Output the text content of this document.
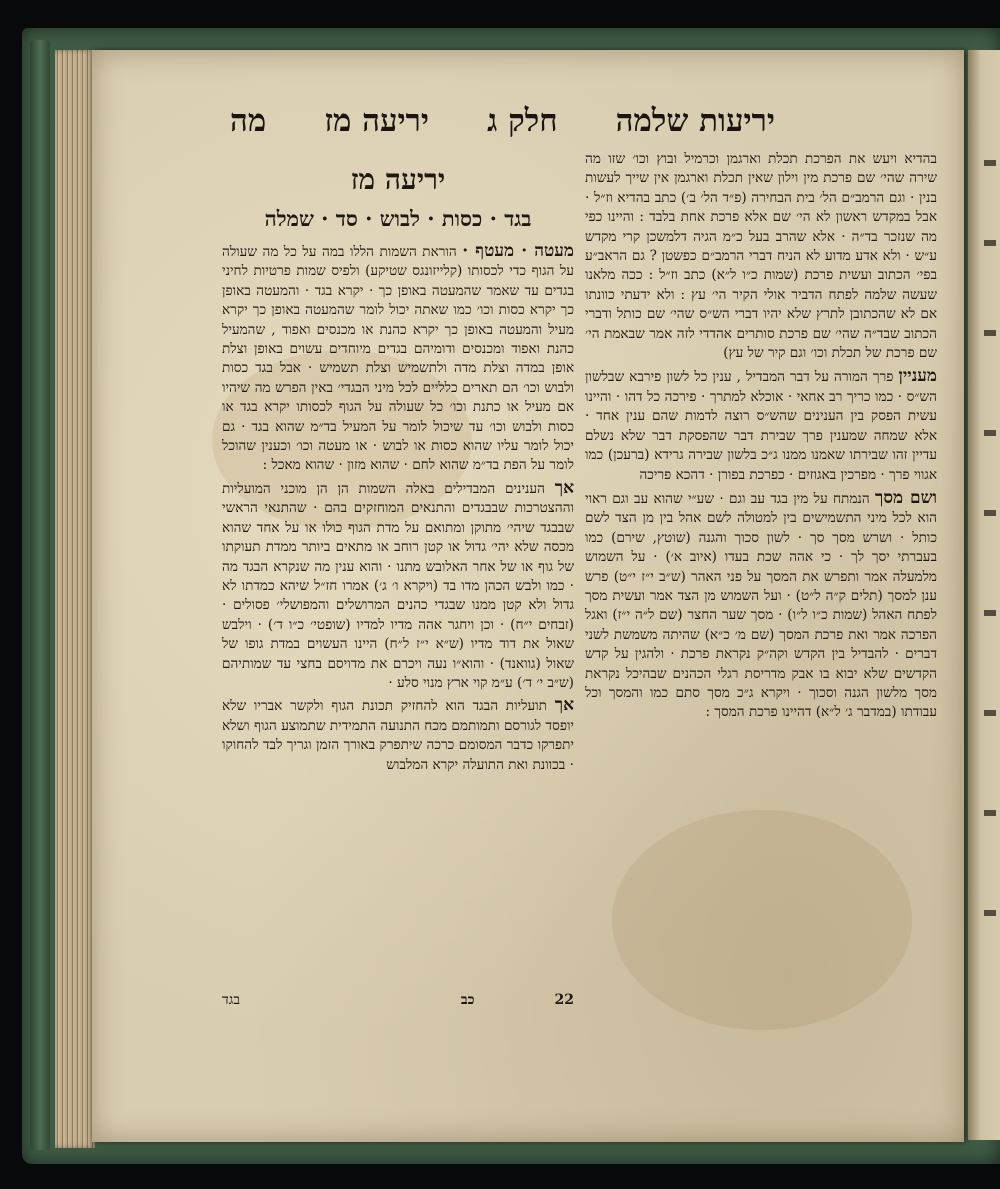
יריעות שלמה
חלק ג
יריעה מז
מה

בהדיא ויעש את הפרכת תכלת וארגמן וכרמיל ובוץ וכו׳ שזו מה שירה שהי׳ שם פרכת מין וילון שאין תכלת וארגמן אין שייך לעשות בנין · וגם הרמב״ם הל׳ בית הבחירה (פ״ד הל׳ ב׳) כתב בהדיא וז״ל · אבל במקדש ראשון לא הי׳ שם אלא פרכת אחת בלבד : והיינו כפי מה שנזכר בד״ה · אלא שהרב בעל כ״מ הגיה דלמשכן קרי מקדש ע״ש · ולא אדע מדוע לא הניח דברי הרמב״ם כפשטן ? גם הראב״ע בפי׳ הכתוב ועשית פרכת (שמות כ״ו ל״א) כתב וז״ל : ככה מלאנו שעשה שלמה לפתח הדביר אולי הקיר הי׳ עץ : ולא ידעתי כוונתו אם לא שהכתובן לתרץ שלא יהיו דברי הש״ס שהי׳ שם כותל ודברי הכתוב שבד״ה שהי׳ שם פרכת סותרים אהדדי לזה אמר שבאמת הי׳ שם פרכת של תכלת וכו׳ וגם קיר של עץ)

מעניין פרך המורה על דבר המבדיל , ענין כל לשון פירבא שבלשון הש״ס · כמו כריך רב אחאי · אוכלא למתרך · פירכה כל דהו · והיינו עשית הפסק בין הענינים שהש״ס רוצה לדמות שהם ענין אחד · אלא שמחה שמענין פרך שבירת דבר שהפסקת דבר שלא נשלם עדיין זהו שבירתו שאמנו ממנו ג״כ בלשון שבירה גרידא (ברעכן) כמו אגווי פרך · מפרכין באגוזים · כפרכת בפורן · דהכא פריכה

ושם מסך הנמתח על מין בגד עב וגם · שע״י שהוא עב וגם ראוי הוא לכל מיני התשמישים בין למטולה לשם אהל בין מן הצד לשם כותל · ושרש מסך סך · לשון סכוך והגנה (שוטץ, שירם) כמו בעברתי יסך לך · כי אהה שכת בעדו (איוב א׳) · על השמוש מלמעלה אמר ותפרש את המסך על פני האהר (ש״ב י״ז י״ט) פרש ענן למסך (תלים ק״ה ל״ט) · ועל השמוש מן הצד אמר ועשית מסך לפתח האהל (שמות כ״ו ל״ו) · מסך שער החצר (שם ל״ה י״ז) ואגל הפרכה אמר ואת פרכת המסך (שם מ׳ כ״א) שהיתה משמשת לשני דברים · להבדיל בין הקדש וקה״ק נקראת פרכת · ולהגין על קדש הקדשים שלא יבוא בו אבק מדריסת רגלי הכהנים שבהיכל נקראת מסך מלשון הגנה וסכוך · ויקרא ג״כ מסך סתם כמו והמסך וכל עבודתו (במדבר ג׳ ל״א) דהיינו פרכת המסך :

יריעה מז

בגד · כסות · לבוש · סד · שמלה

מעטה · מעטף · הוראת השמות הללו במה על כל מה שעולה על הגוף כדי לכסותו (קלייזונגס שטיקע) ולפיס שמות פרטיות לחיני בגדים עד שאמר שהמעטה באופן כך · יקרא בגד · והמעטה באופן כך יקרא כסות וכו׳ כמו שאתה יכול לומר שהמעטה באופן כך יקרא מעיל והמעטה באופן כך יקרא כהנת או מכנסים ואפוד , שהמעיל כהנת ואפוד ומכנסים ודומיהם בגדים מיוחדים עשוים באופן וצלת אופן במדה וצלת מדה ולתשמיש וצלת תשמיש · אבל בגד כסות ולבוש וכו׳ הם תארים כלליים לכל מיני הבגדי׳ באין הפרש מה שיהיו אם מעיל או כתנת וכו׳ כל שעולה על הגוף לכסותו יקרא בגד או כסות ולבוש וכו׳ עד שיכול לומר על המעיל בד״מ שהוא בגד · גם יכול לומר עליו שהוא כסות או לבוש · או מעטה וכו׳ וכענין שהוכל לומר על הפת בד״מ שהוא לחם · שהוא מזון · שהוא מאכל :

אך הענינים המבדילים באלה השמות הן הן מוכני המועליות וההצטרכות שבבגדים והתנאים המוחזקים בהם · שהתנאי הראשי שבבגד שיהי׳ מתוקן ומתואם על מדת הגוף כולו או על אחד שהוא מכסה שלא יהי׳ גדול או קטן רוחב או מתאים ביותר ממדת תעוקתו של גוף או של אחר האלובש מתנו · והוא ענין מה שנקרא הבגד מה · כמו ולבש הכהן מדו בד (ויקרא ו׳ ג׳) אמרו חז״ל שיהא כמדתו לא גדול ולא קטן ממנו שבגדי כהנים המרושלים והמפושלי׳ פסולים · (זבחים י״ח) · וכן ויחגר אהה מדיו למדיו (שופטי׳ כ״ו ד׳) · וילבש שאול את דוד מדיו (ש״א י״ז ל״ח) היינו העשוים במדת גופו של שאול (גוואנד) · והוא״ו נעה ויכרם את מדויסם בחצי עד שמותיהם (ש״ב י׳ ד׳) ע״מ קוי ארץ מנוי סלע ·

אך תועליות הבגד הוא להחזיק תכונת הגוף ולקשר אבריו שלא יופסד לגורסם ותמותמם מכח התנועה התמידית שתמוצע הגוף ושלא יתפרקו כדבר המסומם כרכה שיתפרק באורך הזמן וגריך לבד להחוקו · בכוונת ואת התועלה יקרא המלבוש

בגד	כב	22
